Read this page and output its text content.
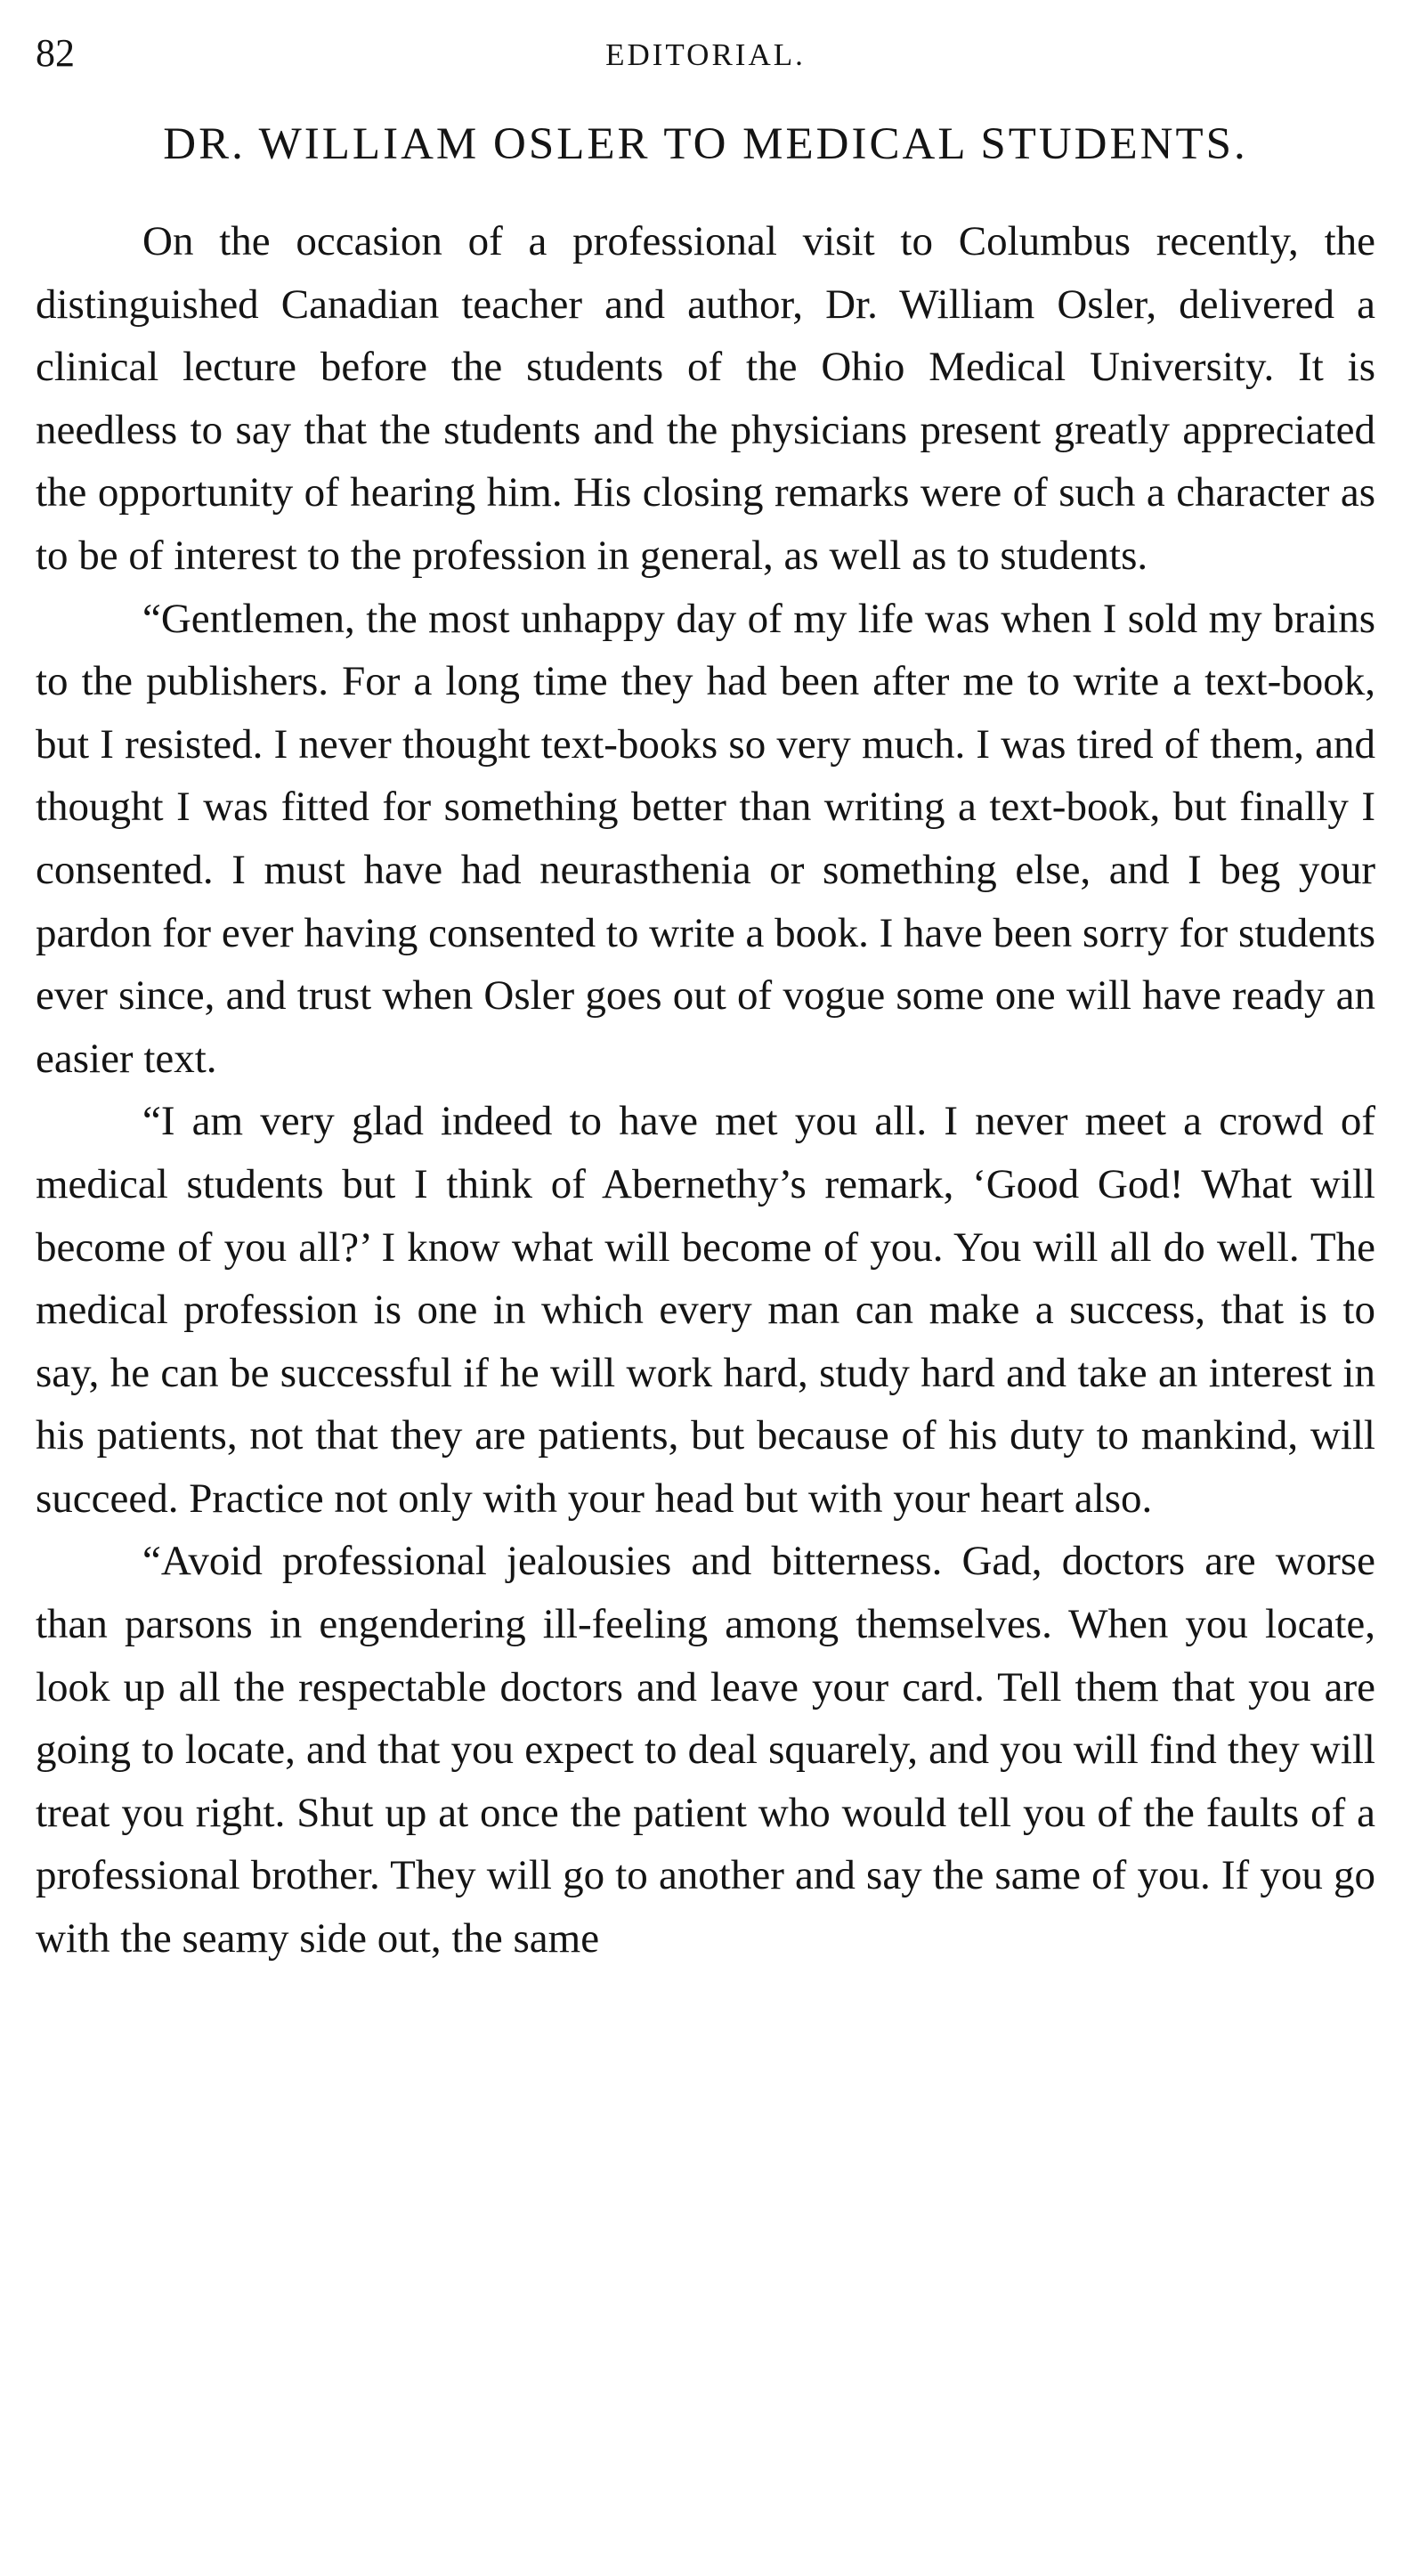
82	EDITORIAL.
DR. WILLIAM OSLER TO MEDICAL STUDENTS.

On the occasion of a professional visit to Columbus recently, the distinguished Canadian teacher and author, Dr. William Osler, delivered a clinical lecture before the students of the Ohio Medical University. It is needless to say that the students and the physicians present greatly appreciated the opportunity of hearing him. His closing remarks were of such a character as to be of interest to the profession in general, as well as to students.

“Gentlemen, the most unhappy day of my life was when I sold my brains to the publishers. For a long time they had been after me to write a text-book, but I resisted. I never thought text-books so very much. I was tired of them, and thought I was fitted for something better than writing a text-book, but finally I consented. I must have had neurasthenia or something else, and I beg your pardon for ever having consented to write a book. I have been sorry for students ever since, and trust when Osler goes out of vogue some one will have ready an easier text.

“I am very glad indeed to have met you all. I never meet a crowd of medical students but I think of Abernethy’s remark, ‘Good God! What will become of you all?’ I know what will become of you. You will all do well. The medical profession is one in which every man can make a success, that is to say, he can be successful if he will work hard, study hard and take an interest in his patients, not that they are patients, but because of his duty to mankind, will succeed. Practice not only with your head but with your heart also.

“Avoid professional jealousies and bitterness. Gad, doctors are worse than parsons in engendering ill-feeling among themselves. When you locate, look up all the respectable doctors and leave your card. Tell them that you are going to locate, and that you expect to deal squarely, and you will find they will treat you right. Shut up at once the patient who would tell you of the faults of a professional brother. They will go to another and say the same of you. If you go with the seamy side out, the same
